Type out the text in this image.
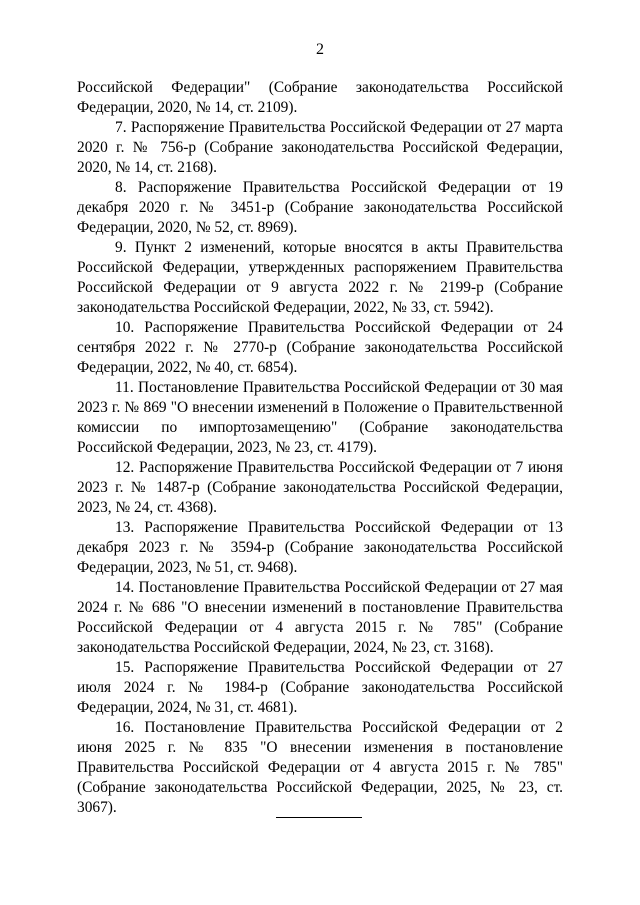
2

Российской Федерации" (Собрание законодательства Российской Федерации, 2020, № 14, ст. 2109).

7. Распоряжение Правительства Российской Федерации от 27 марта 2020 г. № 756-р (Собрание законодательства Российской Федерации, 2020, № 14, ст. 2168).

8. Распоряжение Правительства Российской Федерации от 19 декабря 2020 г. № 3451-р (Собрание законодательства Российской Федерации, 2020, № 52, ст. 8969).

9. Пункт 2 изменений, которые вносятся в акты Правительства Российской Федерации, утвержденных распоряжением Правительства Российской Федерации от 9 августа 2022 г. № 2199-р (Собрание законодательства Российской Федерации, 2022, № 33, ст. 5942).

10. Распоряжение Правительства Российской Федерации от 24 сентября 2022 г. № 2770-р (Собрание законодательства Российской Федерации, 2022, № 40, ст. 6854).

11. Постановление Правительства Российской Федерации от 30 мая 2023 г. № 869 "О внесении изменений в Положение о Правительственной комиссии по импортозамещению" (Собрание законодательства Российской Федерации, 2023, № 23, ст. 4179).

12. Распоряжение Правительства Российской Федерации от 7 июня 2023 г. № 1487-р (Собрание законодательства Российской Федерации, 2023, № 24, ст. 4368).

13. Распоряжение Правительства Российской Федерации от 13 декабря 2023 г. № 3594-р (Собрание законодательства Российской Федерации, 2023, № 51, ст. 9468).

14. Постановление Правительства Российской Федерации от 27 мая 2024 г. № 686 "О внесении изменений в постановление Правительства Российской Федерации от 4 августа 2015 г. № 785" (Собрание законодательства Российской Федерации, 2024, № 23, ст. 3168).

15. Распоряжение Правительства Российской Федерации от 27 июля 2024 г. № 1984-р (Собрание законодательства Российской Федерации, 2024, № 31, ст. 4681).

16. Постановление Правительства Российской Федерации от 2 июня 2025 г. № 835 "О внесении изменения в постановление Правительства Российской Федерации от 4 августа 2015 г. № 785" (Собрание законодательства Российской Федерации, 2025, № 23, ст. 3067).
